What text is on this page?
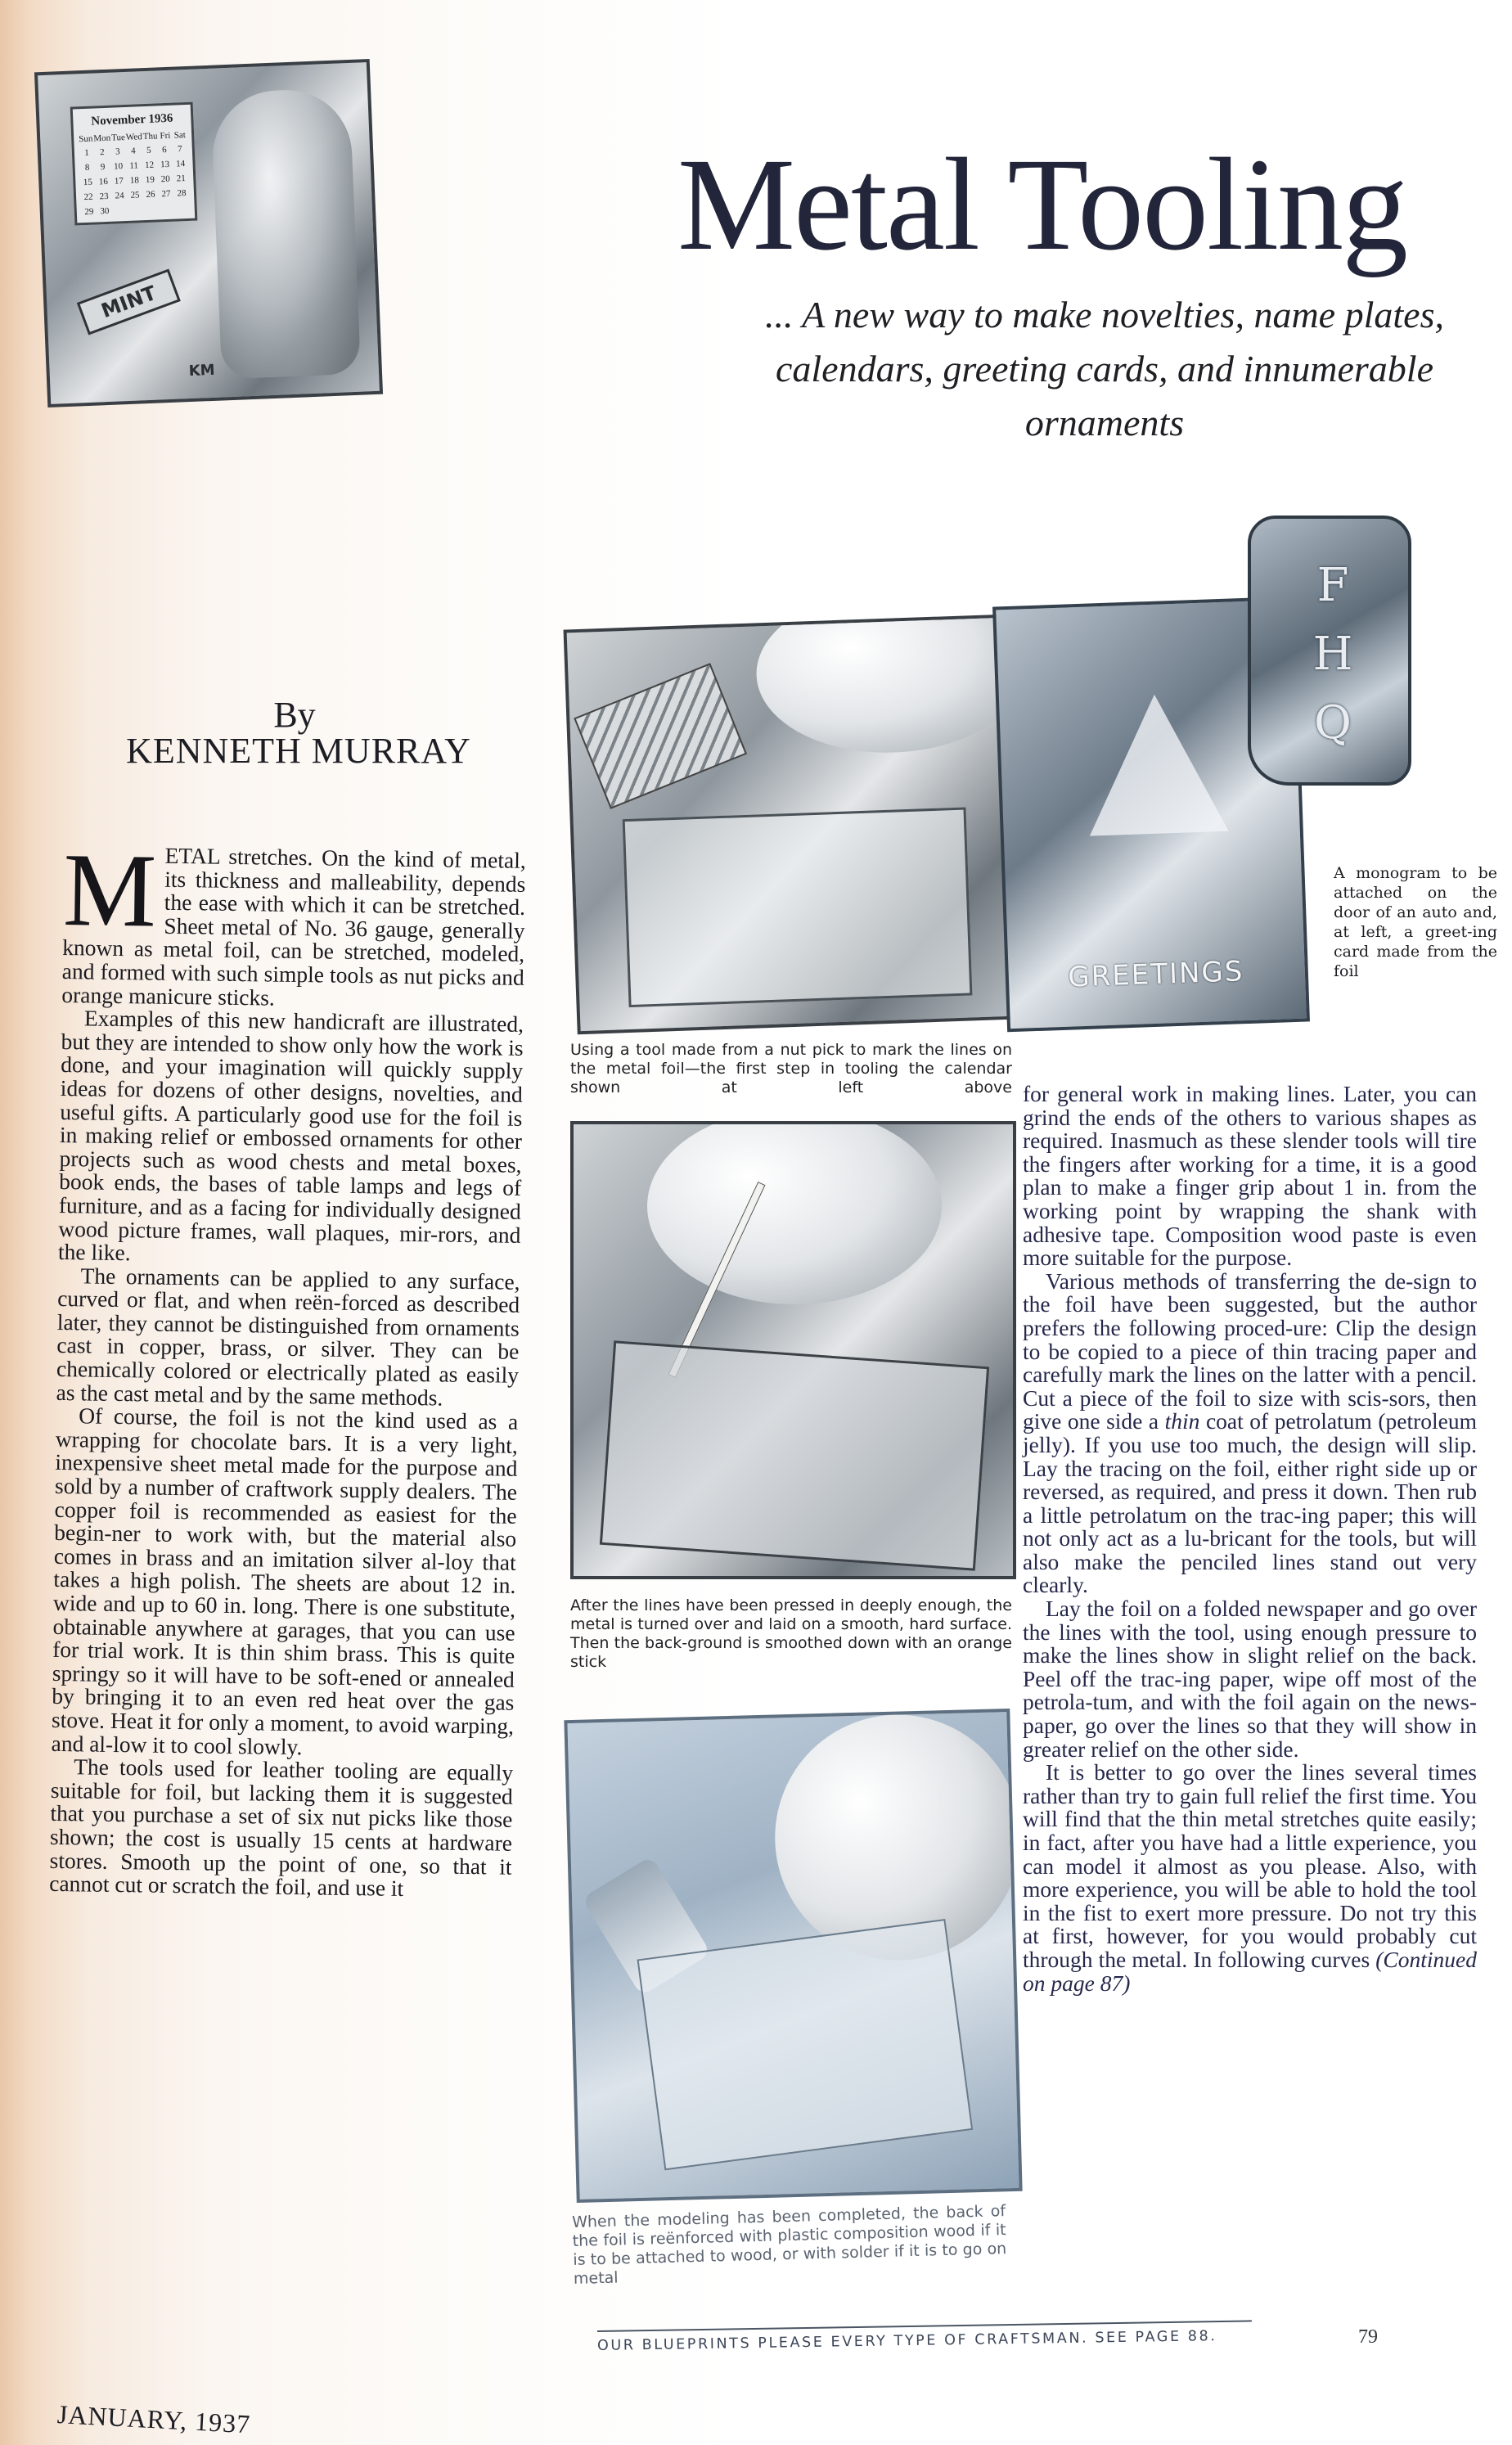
Metal Tooling
... A new way to make novelties, name plates, calendars, greeting cards, and innumerable ornaments
November 1936
Sun Mon Tue Wed Thu Fri Sat
1	2	3	4	5	6	7
8	9 10 11 12 13 14
15 16 17 18 19 20 21
22 23 24 25 26 27 28
29 30
MINT
KM
Using a tool made from a nut pick to mark the lines on the metal foil—the first step in tooling the calendar shown at left above
After the lines have been pressed in deeply enough, the metal is turned over and laid on a smooth, hard surface. Then the back-ground is smoothed down with an orange stick
When the modeling has been completed, the back of the foil is reënforced with plastic composition wood if it is to be attached to wood, or with solder if it is to go on metal
GREETINGS
F
H
Q
A monogram to be attached on the door of an auto and, at left, a greet-ing card made from the foil
By
KENNETH MURRAY
M ETAL stretches. On the kind of metal, its thickness and malleability, depends the ease with which it can be stretched. Sheet metal of No. 36 gauge, generally known as metal foil, can be stretched, modeled, and formed with such simple tools as nut picks and orange manicure sticks.

Examples of this new handicraft are illustrated, but they are intended to show only how the work is done, and your imagination will quickly supply ideas for dozens of other designs, novelties, and useful gifts. A particularly good use for the foil is in making relief or embossed ornaments for other projects such as wood chests and metal boxes, book ends, the bases of table lamps and legs of furniture, and as a facing for individually designed wood picture frames, wall plaques, mir-rors, and the like.

The ornaments can be applied to any surface, curved or flat, and when reën-forced as described later, they cannot be distinguished from ornaments cast in copper, brass, or silver. They can be chemically colored or electrically plated as easily as the cast metal and by the same methods.

Of course, the foil is not the kind used as a wrapping for chocolate bars. It is a very light, inexpensive sheet metal made for the purpose and sold by a number of craftwork supply dealers. The copper foil is recommended as easiest for the begin-ner to work with, but the material also comes in brass and an imitation silver al-loy that takes a high polish. The sheets are about 12 in. wide and up to 60 in. long. There is one substitute, obtainable anywhere at garages, that you can use for trial work. It is thin shim brass. This is quite springy so it will have to be soft-ened or annealed by bringing it to an even red heat over the gas stove. Heat it for only a moment, to avoid warping, and al-low it to cool slowly.

The tools used for leather tooling are equally suitable for foil, but lacking them it is suggested that you purchase a set of six nut picks like those shown; the cost is usually 15 cents at hardware stores. Smooth up the point of one, so that it cannot cut or scratch the foil, and use it

for general work in making lines. Later, you can grind the ends of the others to various shapes as required. Inasmuch as these slender tools will tire the fingers after working for a time, it is a good plan to make a finger grip about 1 in. from the working point by wrapping the shank with adhesive tape. Composition wood paste is even more suitable for the purpose.

Various methods of transferring the de-sign to the foil have been suggested, but the author prefers the following proced-ure: Clip the design to be copied to a piece of thin tracing paper and carefully mark the lines on the latter with a pencil. Cut a piece of the foil to size with scis-sors, then give one side a thin coat of petrolatum (petroleum jelly). If you use too much, the design will slip. Lay the tracing on the foil, either right side up or reversed, as required, and press it down. Then rub a little petrolatum on the trac-ing paper; this will not only act as a lu-bricant for the tools, but will also make the penciled lines stand out very clearly.

Lay the foil on a folded newspaper and go over the lines with the tool, using enough pressure to make the lines show in slight relief on the back. Peel off the trac-ing paper, wipe off most of the petrola-tum, and with the foil again on the news-paper, go over the lines so that they will show in greater relief on the other side.

It is better to go over the lines several times rather than try to gain full relief the first time. You will find that the thin metal stretches quite easily; in fact, after you have had a little experience, you can model it almost as you please. Also, with more experience, you will be able to hold the tool in the fist to exert more pressure. Do not try this at first, however, for you would probably cut through the metal. In following curves (Continued on page 87)

JANUARY, 1937
OUR BLUEPRINTS PLEASE EVERY TYPE OF CRAFTSMAN. SEE PAGE 88.	79
